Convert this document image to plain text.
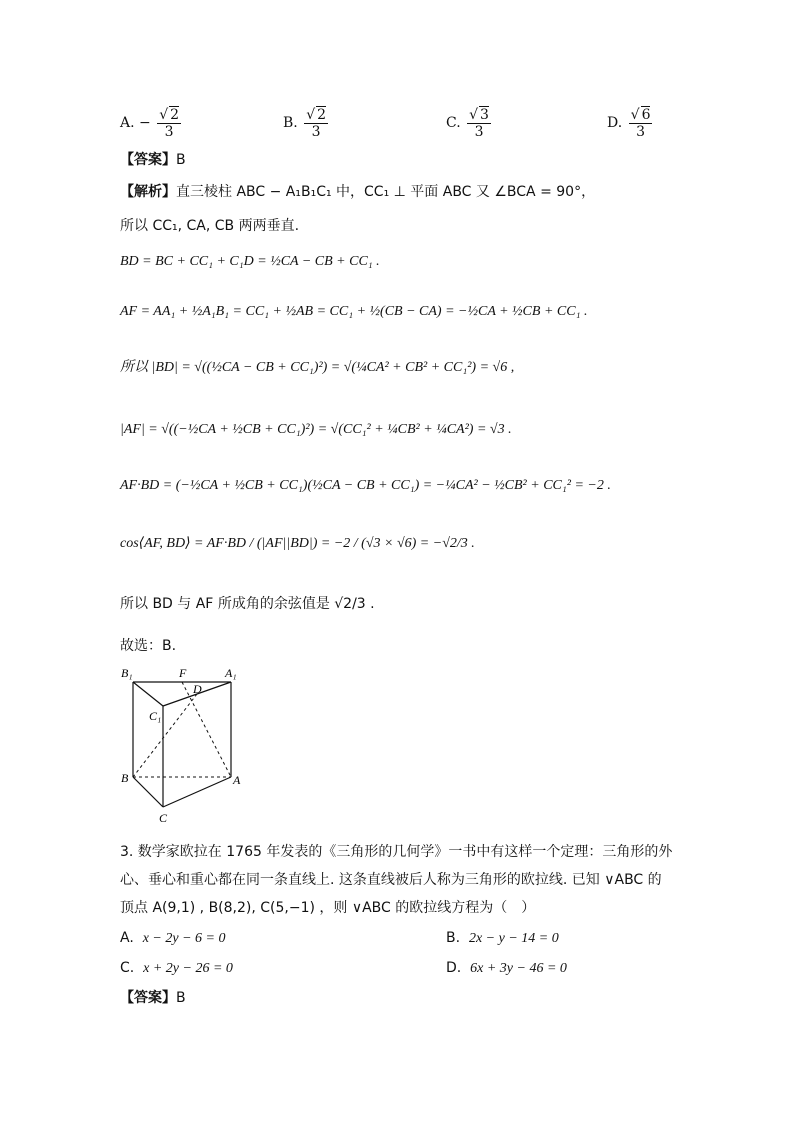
A. − $\frac{√ 2}{3}$	B. $\frac{√ 2}{3}$	C. $\frac{√ 3}{3}$	D. $\frac{√ 6}{3}$
【答案】B
【解析】直三棱柱 ABC − A₁B₁C₁ 中，CC₁ ⊥ 平面 ABC 又 ∠BCA = 90°，
所以 CC₁, CA, CB 两两垂直.
BD = BC + CC₁ + C₁D = ½CA − CB + CC₁ .
AF = AA₁ + ½A₁B₁ = CC₁ + ½AB = CC₁ + ½(CB − CA) = −½CA + ½CB + CC₁ .
所以 |BD| = √((½CA − CB + CC₁)²) = √(¼CA² + CB² + CC₁²) = √6 ,
|AF| = √((−½CA + ½CB + CC₁)²) = √(CC₁² + ¼CB² + ¼CA²) = √3 .
AF·BD = (−½CA + ½CB + CC₁)(½CA − CB + CC₁) = −¼CA² − ½CB² + CC₁² = −2 .
cos⟨AF, BD⟩ = AF·BD / (|AF||BD|) = −2 / (√3 × √6) = −√2/3 .
所以 BD 与 AF 所成角的余弦值是 √2/3 .
故选：B.
B₁	F
D
A₁
C₁
B	A
C
3. 数学家欧拉在 1765 年发表的《三角形的几何学》一书中有这样一个定理：三角形的外
心、垂心和重心都在同一条直线上. 这条直线被后人称为三角形的欧拉线. 已知 ∨ABC 的
顶点 A(9,1) , B(8,2), C(5,−1) ，则 ∨ABC 的欧拉线方程为（　）
A. x − 2y − 6 = 0	B. 2x − y − 14 = 0
C. x + 2y − 26 = 0	D. 6x + 3y − 46 = 0
【答案】B
